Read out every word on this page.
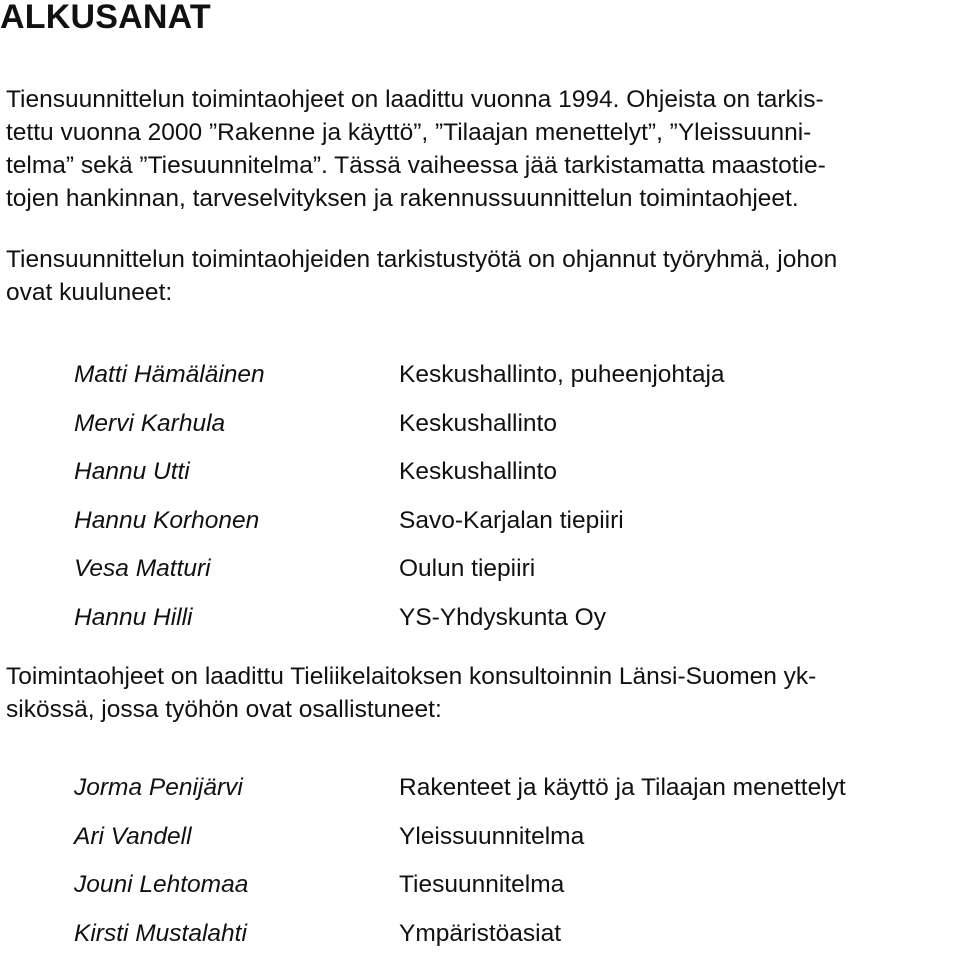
ALKUSANAT

Tiensuunnittelun toimintaohjeet on laadittu vuonna 1994. Ohjeista on tarkis-
tettu vuonna 2000 ”Rakenne ja käyttö”, ”Tilaajan menettelyt”, ”Yleissuunni-
telma” sekä ”Tiesuunnitelma”. Tässä vaiheessa jää tarkistamatta maastotie-
tojen hankinnan, tarveselvityksen ja rakennussuunnittelun toimintaohjeet.

Tiensuunnittelun toimintaohjeiden tarkistustyötä on ohjannut työryhmä, johon
ovat kuuluneet:

Matti Hämäläinen	Keskushallinto, puheenjohtaja
Mervi Karhula	Keskushallinto
Hannu Utti	Keskushallinto
Hannu Korhonen	Savo-Karjalan tiepiiri
Vesa Matturi	Oulun tiepiiri
Hannu Hilli	YS-Yhdyskunta Oy

Toimintaohjeet on laadittu Tieliikelaitoksen konsultoinnin Länsi-Suomen yk-
sikössä, jossa työhön ovat osallistuneet:

Jorma Penijärvi	Rakenteet ja käyttö ja Tilaajan menettelyt
Ari Vandell	Yleissuunnitelma
Jouni Lehtomaa	Tiesuunnitelma
Kirsti Mustalahti	Ympäristöasiat
